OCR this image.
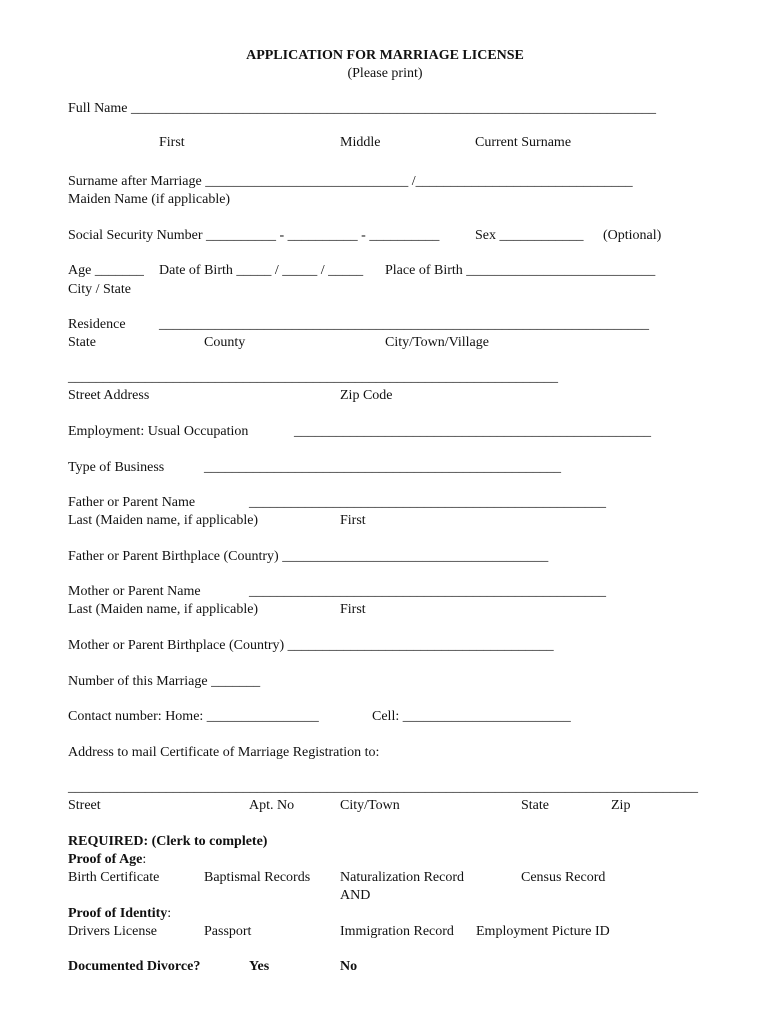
APPLICATION FOR MARRIAGE LICENSE
(Please print)
Full Name ___________________________________________________________________________
First	Middle	Current Surname
Surname after Marriage _____________________________ /_______________________________
Maiden Name (if applicable)
Social Security Number __________ - __________ - __________	Sex ____________ (Optional)
Age _______ Date of Birth _____ / _____ / _____ Place of Birth ___________________________
City / State
Residence ______________________________________________________________________
State	County	City/Town/Village
______________________________________________________________________
Street Address	Zip Code
Employment: Usual Occupation	___________________________________________________
Type of Business	___________________________________________________
Father or Parent Name	___________________________________________________
Last (Maiden name, if applicable)	First
Father or Parent Birthplace (Country) ______________________________________
Mother or Parent Name	___________________________________________________
Last (Maiden name, if applicable)	First
Mother or Parent Birthplace (Country) ______________________________________
Number of this Marriage _______
Contact number: Home: ________________	Cell: ________________________
Address to mail Certificate of Marriage Registration to:
__________________________________________________________________________________________
Street	Apt. No	City/Town	State	Zip
REQUIRED: (Clerk to complete)
Proof of Age:
Birth Certificate	Baptismal Records Naturalization Record	Census Record
AND
Proof of Identity:
Drivers License	Passport	Immigration Record Employment Picture ID
Documented Divorce?	Yes	No
